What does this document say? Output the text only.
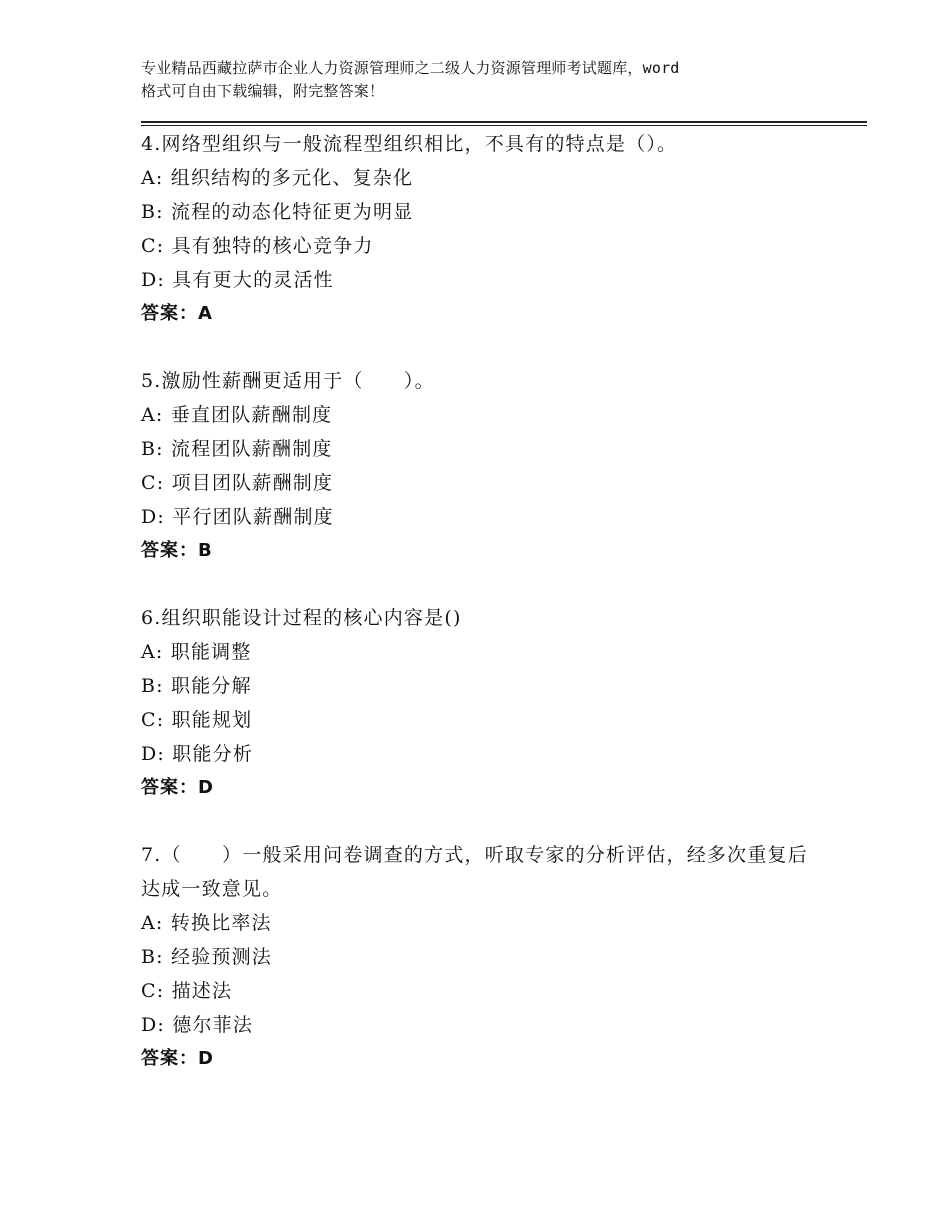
专业精品西藏拉萨市企业人力资源管理师之二级人力资源管理师考试题库，word
格式可自由下载编辑，附完整答案！
4.网络型组织与一般流程型组织相比，不具有的特点是（）。
A: 组织结构的多元化、复杂化
B: 流程的动态化特征更为明显
C: 具有独特的核心竞争力
D: 具有更大的灵活性
答案：A
5.激励性薪酬更适用于（　　）。
A: 垂直团队薪酬制度
B: 流程团队薪酬制度
C: 项目团队薪酬制度
D: 平行团队薪酬制度
答案：B
6.组织职能设计过程的核心内容是()
A: 职能调整
B: 职能分解
C: 职能规划
D: 职能分析
答案：D
7.（　　）一般采用问卷调查的方式，听取专家的分析评估，经多次重复后达成一致意见。
A: 转换比率法
B: 经验预测法
C: 描述法
D: 德尔菲法
答案：D
